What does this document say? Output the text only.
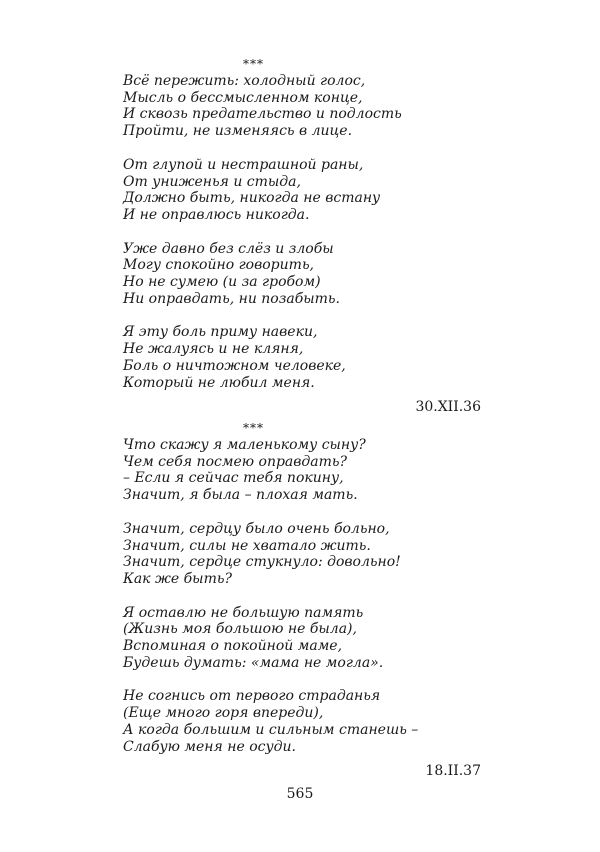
***
Всё пережить: холодный голос,
Мысль о бессмысленном конце,
И сквозь предательство и подлость
Пройти, не изменяясь в лице.
От глупой и нестрашной раны,
От униженья и стыда,
Должно быть, никогда не встану
И не оправлюсь никогда.
Уже давно без слёз и злобы
Могу спокойно говорить,
Но не сумею (и за гробом)
Ни оправдать, ни позабыть.
Я эту боль приму навеки,
Не жалуясь и не кляня,
Боль о ничтожном человеке,
Который не любил меня.
30.XII.36
***
Что скажу я маленькому сыну?
Чем себя посмею оправдать?
– Если я сейчас тебя покину,
Значит, я была – плохая мать.
Значит, сердцу было очень больно,
Значит, силы не хватало жить.
Значит, сердце стукнуло: довольно!
Как же быть?
Я оставлю не большую память
(Жизнь моя большою не была),
Вспоминая о покойной маме,
Будешь думать: «мама не могла».
Не согнись от первого страданья
(Еще много горя впереди),
А когда большим и сильным станешь –
Слабую меня не осуди.
18.II.37
565
